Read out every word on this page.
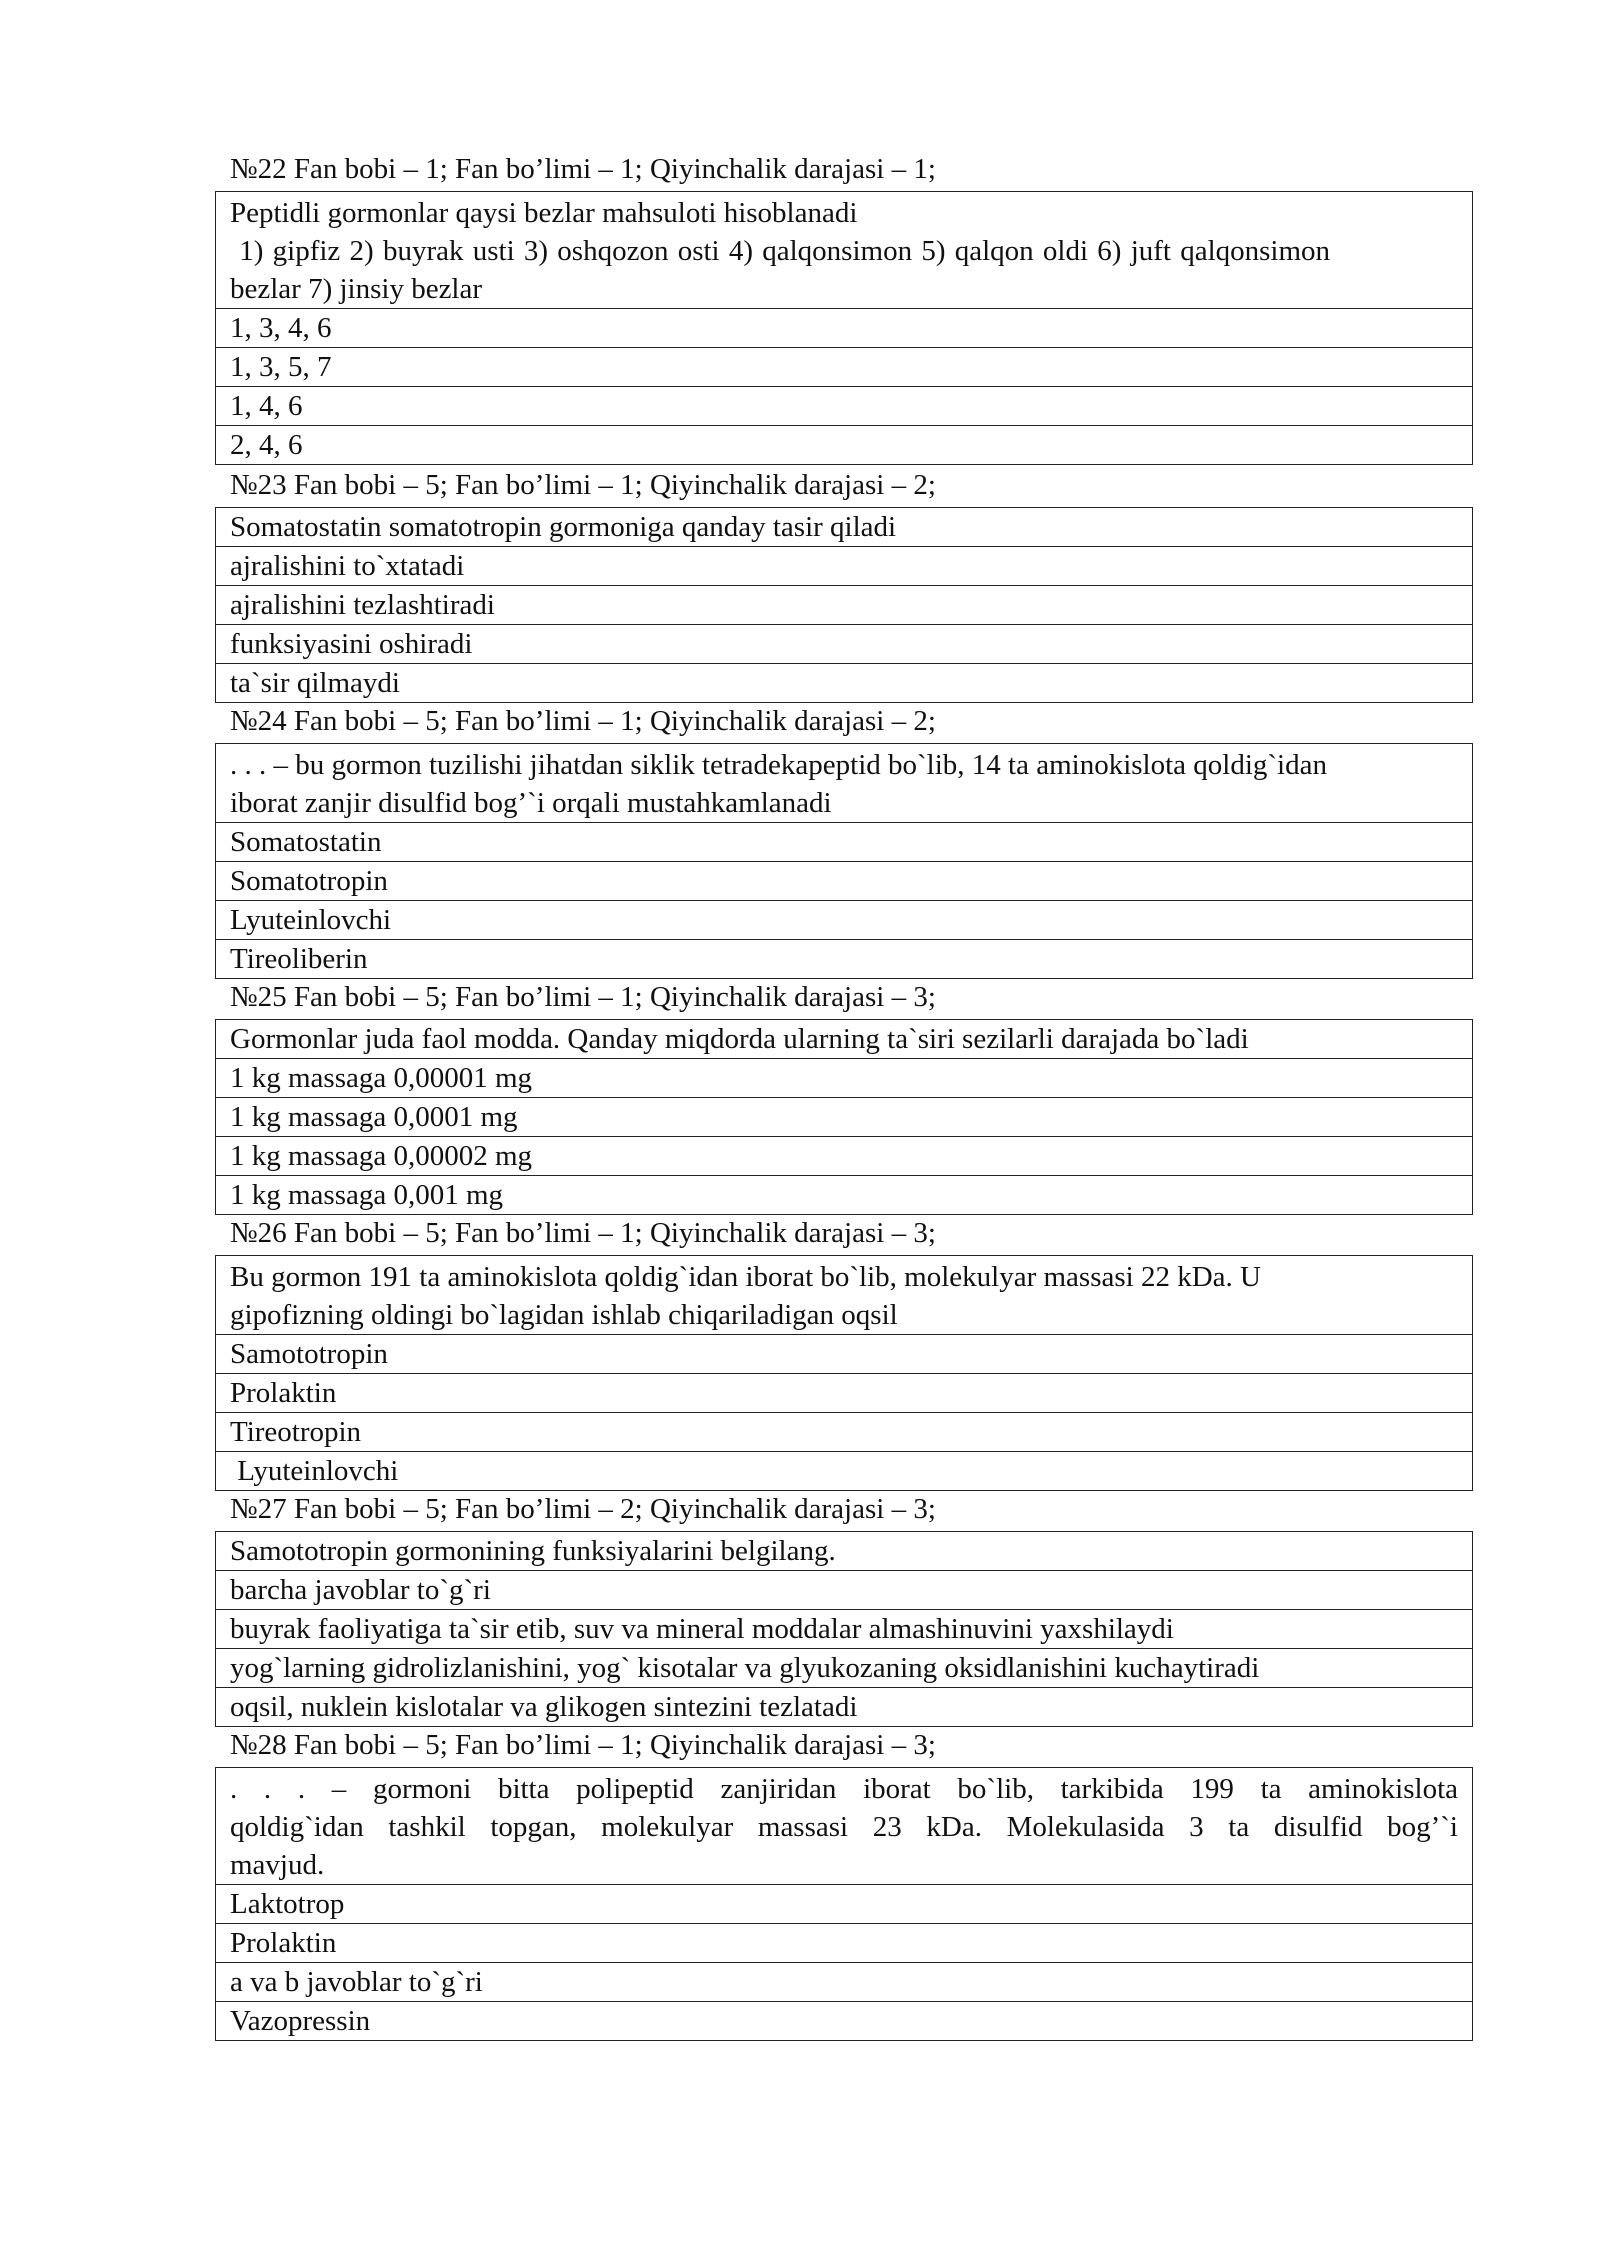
№22 Fan bobi – 1; Fan bo’limi – 1; Qiyinchalik darajasi – 1;
Peptidli gormonlar qaysi bezlar mahsuloti hisoblanadi
1) gipfiz 2) buyrak usti 3) oshqozon osti 4) qalqonsimon 5) qalqon oldi 6) juft qalqonsimon
bezlar 7) jinsiy bezlar

1, 3, 4, 6
1, 3, 5, 7
1, 4, 6
2, 4, 6
№23 Fan bobi – 5; Fan bo’limi – 1; Qiyinchalik darajasi – 2;
Somatostatin somatotropin gormoniga qanday tasir qiladi
ajralishini to`xtatadi
ajralishini tezlashtiradi
funksiyasini oshiradi
ta`sir qilmaydi
№24 Fan bobi – 5; Fan bo’limi – 1; Qiyinchalik darajasi – 2;
. . . – bu gormon tuzilishi jihatdan siklik tetradekapeptid bo`lib, 14 ta aminokislota qoldig`idan
iborat zanjir disulfid bog’`i orqali mustahkamlanadi

Somatostatin
Somatotropin
Lyuteinlovchi
Tireoliberin
№25 Fan bobi – 5; Fan bo’limi – 1; Qiyinchalik darajasi – 3;
Gormonlar juda faol modda. Qanday miqdorda ularning ta`siri sezilarli darajada bo`ladi
1 kg massaga 0,00001 mg
1 kg massaga 0,0001 mg
1 kg massaga 0,00002 mg
1 kg massaga 0,001 mg
№26 Fan bobi – 5; Fan bo’limi – 1; Qiyinchalik darajasi – 3;
Bu gormon 191 ta aminokislota qoldig`idan iborat bo`lib, molekulyar massasi 22 kDa. U
gipofizning oldingi bo`lagidan ishlab chiqariladigan oqsil

Samototropin
Prolaktin
Tireotropin
Lyuteinlovchi
№27 Fan bobi – 5; Fan bo’limi – 2; Qiyinchalik darajasi – 3;
Samototropin gormonining funksiyalarini belgilang.
barcha javoblar to`g`ri
buyrak faoliyatiga ta`sir etib, suv va mineral moddalar almashinuvini yaxshilaydi
yog`larning gidrolizlanishini, yog` kisotalar va glyukozaning oksidlanishini kuchaytiradi
oqsil, nuklein kislotalar va glikogen sintezini tezlatadi
№28 Fan bobi – 5; Fan bo’limi – 1; Qiyinchalik darajasi – 3;
. . . – gormoni bitta polipeptid zanjiridan iborat bo`lib, tarkibida 199 ta aminokislota
qoldig`idan tashkil topgan, molekulyar massasi 23 kDa. Molekulasida 3 ta disulfid bog’`i
mavjud.

Laktotrop
Prolaktin
a va b javoblar to`g`ri
Vazopressin
